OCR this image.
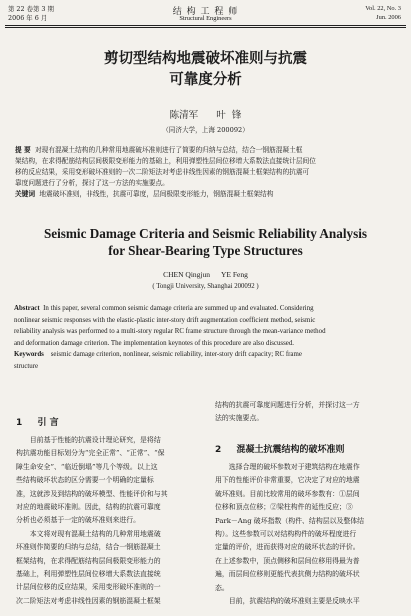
第 22 卷第 3 期
2006 年 6 月
结 构 工 程 师
Structural Engineers
Vol. 22, No. 3
Jun. 2006
剪切型结构地震破坏准则与抗震
可靠度分析
陈清军      叶  锋
（同济大学，上海 200092）
提 要 对现有混凝土结构的几种常用地震破坏准则进行了简要的归纳与总结，结合一钢筋混凝土框
架结构，在求得配筋结构层间极限变形能力的基础上，利用弹塑性层间位移增大系数法直接统计层间位
移的反应结果，采用变形破坏准则的一次二阶矩法对考虑非线性因素的钢筋混凝土框架结构的抗震可
靠度问题进行了分析，探讨了这一方法的实施要点。
关键词 地震破坏准则，非线性，抗震可靠度，层间极限变形能力，钢筋混凝土框架结构
Seismic Damage Criteria and Seismic Reliability Analysis
for Shear-Bearing Type Structures
CHEN Qingjun      YE Feng
( Tongji University, Shanghai 200092 )
Abstract In this paper, several common seismic damage criteria are summed up and evaluated. Considering
nonlinear seismic responses with the elastic-plastic inter-story drift augmentation coefficient method, seismic
reliability analysis was performed to a multi-story regular RC frame structure through the mean-variance method
and deformation damage criterion. The implementation keynotes of this procedure are also discussed.
Keywords seismic damage criterion, nonlinear, seismic reliability, inter-story drift capacity; RC frame
structure
1 引 言
目前基于性能的抗震设计理论研究，是将结
构抗震功能目标划分为“完全正常”、“正常”、“保
障生命安全”、“临近倒塌”等几个等级。以上这
些结构破坏状态的区分需要一个明确的定量标
准，这就涉及到结构的破坏模型、性能评价和与其
对应的地震破坏准则。因此，结构的抗震可靠度
分析也必须基于一定的破坏准则来进行。
本文将对现有混凝土结构的几种常用地震破
坏准则作简要的归纳与总结，结合一钢筋混凝土
框架结构，在求得配筋结构层间极限变形能力的
基础上，利用弹塑性层间位移增大系数法直接统
计层间位移的反应结果，采用变形破坏准则的一
次二阶矩法对考虑非线性因素的钢筋混凝土框架
结构的抗震可靠度问题进行分析，并探讨这一方
法的实施要点。
2 混凝土抗震结构的破坏准则
选择合理的破坏参数对于建筑结构在地震作
用下的性能评价非常重要，它决定了对应的地震
破坏准则。目前比较常用的破坏参数有：①层间
位移和顶点位移；②梁柱构件的延性反应；③
Park－Ang 破坏指数（构件、结构层以及整体结
构）。这些参数可以对结构构件的破坏程度进行
定量的评价，进而获得对应的破坏状态的评价。
在上述参数中，顶点侧移和层间位移用得最为普
遍，而层间位移则更能代表抗侧力结构的破坏状
态。
目前，抗震结构的破坏准则主要是反映水平
